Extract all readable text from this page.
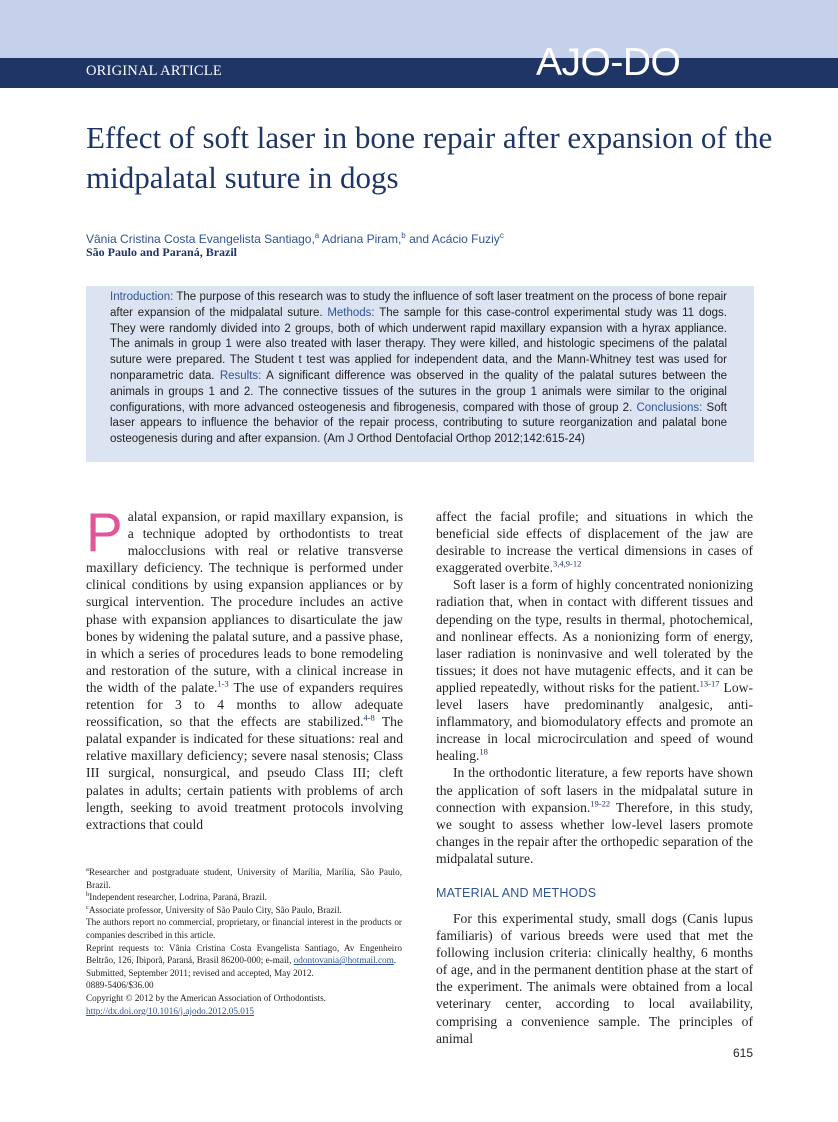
ORIGINAL ARTICLE	AJO-DO
Effect of soft laser in bone repair after expansion of the midpalatal suture in dogs
Vânia Cristina Costa Evangelista Santiago,$^a$ Adriana Piram,$^b$ and Acácio Fuziy$^c$
São Paulo and Paraná, Brazil
Introduction: The purpose of this research was to study the influence of soft laser treatment on the process of bone repair after expansion of the midpalatal suture. Methods: The sample for this case-control experimental study was 11 dogs. They were randomly divided into 2 groups, both of which underwent rapid maxillary expansion with a hyrax appliance. The animals in group 1 were also treated with laser therapy. They were killed, and histologic specimens of the palatal suture were prepared. The Student t test was applied for independent data, and the Mann-Whitney test was used for nonparametric data. Results: A significant difference was observed in the quality of the palatal sutures between the animals in groups 1 and 2. The connective tissues of the sutures in the group 1 animals were similar to the original configurations, with more advanced osteogenesis and fibrogenesis, compared with those of group 2. Conclusions: Soft laser appears to influence the behavior of the repair process, contributing to suture reorganization and palatal bone osteogenesis during and after expansion. (Am J Orthod Dentofacial Orthop 2012;142:615-24)

Palatal expansion, or rapid maxillary expansion, is a technique adopted by orthodontists to treat malocclusions with real or relative transverse maxillary deficiency. The technique is performed under clinical conditions by using expansion appliances or by surgical intervention. The procedure includes an active phase with expansion appliances to disarticulate the jaw bones by widening the palatal suture, and a passive phase, in which a series of procedures leads to bone remodeling and restoration of the suture, with a clinical increase in the width of the palate.$^{1-3}$ The use of expanders requires retention for 3 to 4 months to allow adequate reossification, so that the effects are stabilized.$^{4-8}$ The palatal expander is indicated for these situations: real and relative maxillary deficiency; severe nasal stenosis; Class III surgical, nonsurgical, and pseudo Class III; cleft palates in adults; certain patients with problems of arch length, seeking to avoid treatment protocols involving extractions that could

affect the facial profile; and situations in which the beneficial side effects of displacement of the jaw are desirable to increase the vertical dimensions in cases of exaggerated overbite.$^{3,4,9-12}$

Soft laser is a form of highly concentrated nonionizing radiation that, when in contact with different tissues and depending on the type, results in thermal, photochemical, and nonlinear effects. As a nonionizing form of energy, laser radiation is noninvasive and well tolerated by the tissues; it does not have mutagenic effects, and it can be applied repeatedly, without risks for the patient.$^{13-17}$ Low-level lasers have predominantly analgesic, anti-inflammatory, and biomodulatory effects and promote an increase in local microcirculation and speed of wound healing.$^{18}$

In the orthodontic literature, a few reports have shown the application of soft lasers in the midpalatal suture in connection with expansion.$^{19-22}$ Therefore, in this study, we sought to assess whether low-level lasers promote changes in the repair after the orthopedic separation of the midpalatal suture.

MATERIAL AND METHODS

For this experimental study, small dogs (Canis lupus familiaris) of various breeds were used that met the following inclusion criteria: clinically healthy, 6 months of age, and in the permanent dentition phase at the start of the experiment. The animals were obtained from a local veterinary center, according to local availability, comprising a convenience sample. The principles of animal

$^a$Researcher and postgraduate student, University of Marília, Marília, São Paulo, Brazil.
$^b$Independent researcher, Lodrina, Paraná, Brazil.
$^c$Associate professor, University of São Paulo City, São Paulo, Brazil.
The authors report no commercial, proprietary, or financial interest in the products or companies described in this article.
Reprint requests to: Vânia Cristina Costa Evangelista Santiago, Av Engenheiro Beltrão, 126, Ibiporã, Paraná, Brasil 86200-000; e-mail, odontovania@hotmail.com.
Submitted, September 2011; revised and accepted, May 2012.
0889-5406/$36.00
Copyright © 2012 by the American Association of Orthodontists.
http://dx.doi.org/10.1016/j.ajodo.2012.05.015
615
